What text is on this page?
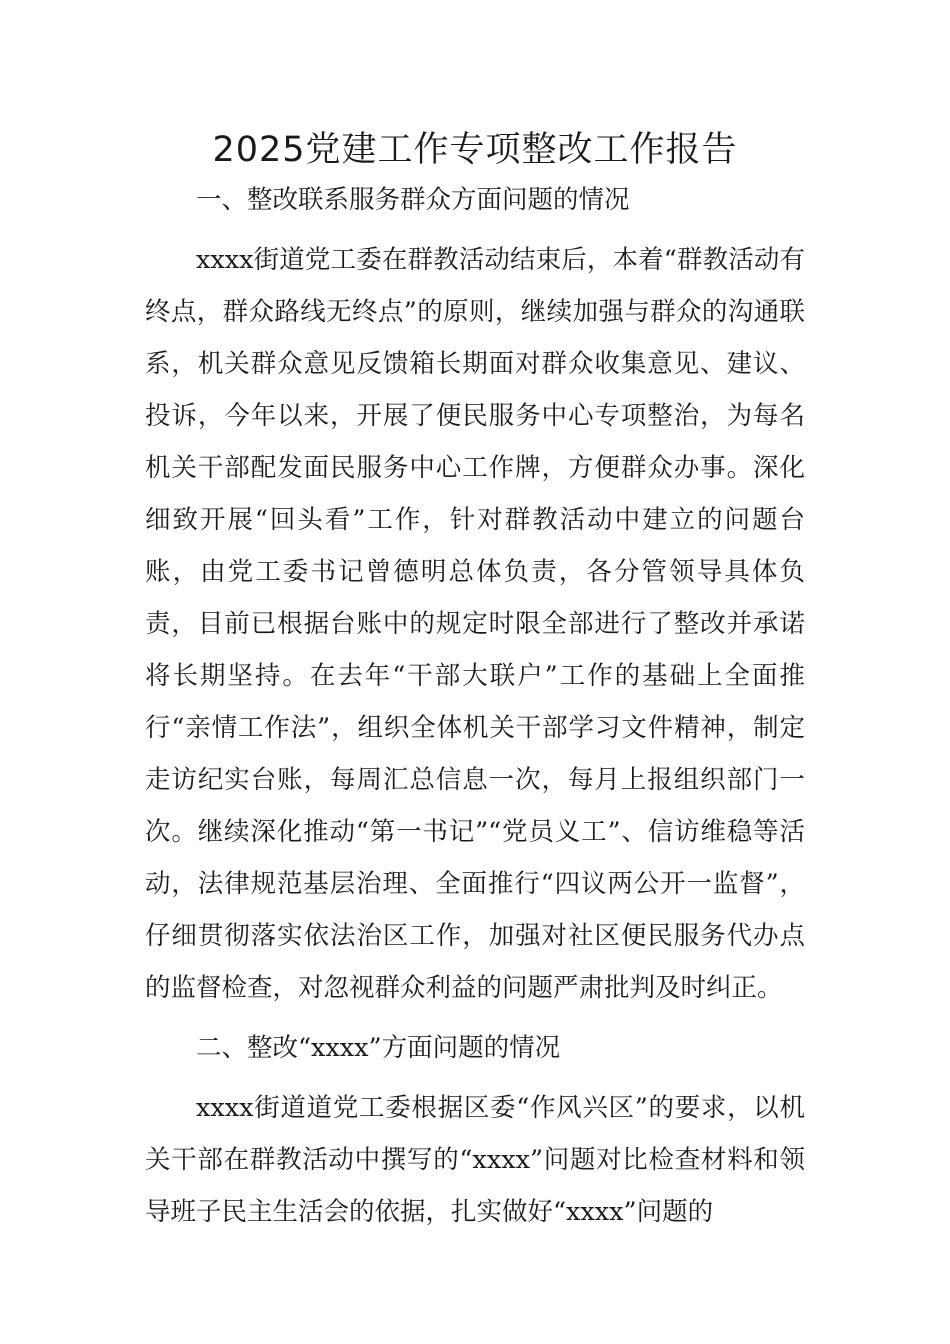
2025党建工作专项整改工作报告

一、整改联系服务群众方面问题的情况

xxxx街道党工委在群教活动结束后，本着“群教活动有终点，群众路线无终点”的原则，继续加强与群众的沟通联系，机关群众意见反馈箱长期面对群众收集意见、建议、投诉，今年以来，开展了便民服务中心专项整治，为每名机关干部配发面民服务中心工作牌，方便群众办事。深化细致开展“回头看”工作，针对群教活动中建立的问题台账，由党工委书记曾德明总体负责，各分管领导具体负责，目前已根据台账中的规定时限全部进行了整改并承诺将长期坚持。在去年“干部大联户”工作的基础上全面推行“亲情工作法”，组织全体机关干部学习文件精神，制定走访纪实台账，每周汇总信息一次，每月上报组织部门一次。继续深化推动“第一书记”“党员义工”、信访维稳等活动，法律规范基层治理、全面推行“四议两公开一监督”，仔细贯彻落实依法治区工作，加强对社区便民服务代办点的监督检查，对忽视群众利益的问题严肃批判及时纠正。

二、整改“xxxx”方面问题的情况

xxxx街道道党工委根据区委“作风兴区”的要求，以机关干部在群教活动中撰写的“xxxx”问题对比检查材料和领导班子民主生活会的依据，扎实做好“xxxx”问题的
